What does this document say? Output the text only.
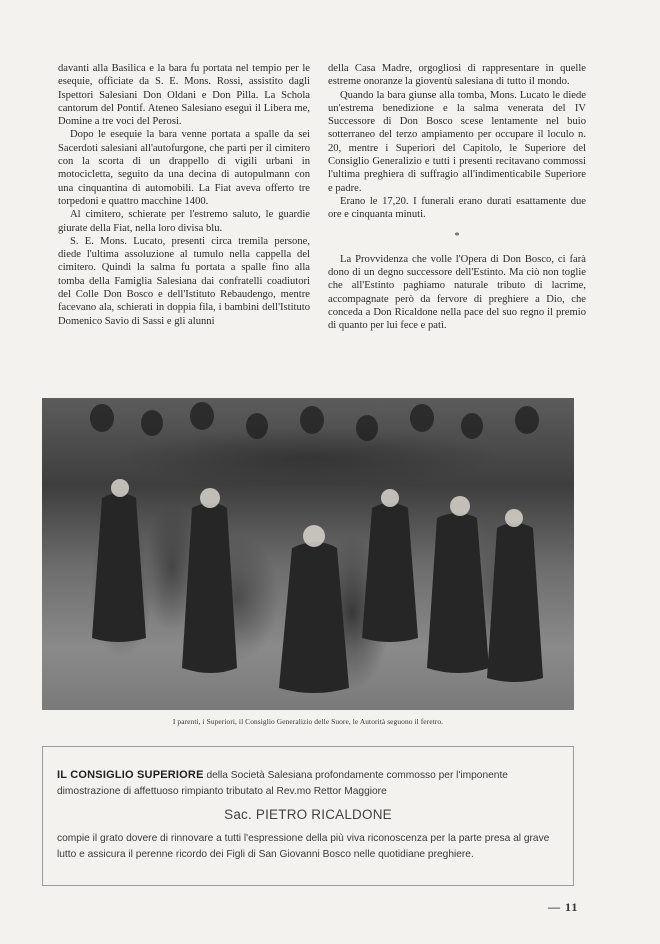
davanti alla Basilica e la bara fu portata nel tempio per le esequie, officiate da S. E. Mons. Rossi, assistito dagli Ispettori Salesiani Don Oldani e Don Pilla. La Schola cantorum del Pontif. Ateneo Salesiano eseguì il Libera me, Domine a tre voci del Perosi.

Dopo le esequie la bara venne portata a spalle da sei Sacerdoti salesiani all'autofurgone, che partì per il cimitero con la scorta di un drappello di vigili urbani in motocicletta, seguito da una decina di autopulmann con una cinquantina di automobili. La Fiat aveva offerto tre torpedoni e quattro macchine 1400.

Al cimitero, schierate per l'estremo saluto, le guardie giurate della Fiat, nella loro divisa blu.

S. E. Mons. Lucato, presenti circa tremila persone, diede l'ultima assoluzione al tumulo nella cappella del cimitero. Quindi la salma fu portata a spalle fino alla tomba della Famiglia Salesiana dai confratelli coadiutori del Colle Don Bosco e dell'Istituto Rebaudengo, mentre facevano ala, schierati in doppia fila, i bambini dell'Istituto Domenico Savio di Sassi e gli alunni

della Casa Madre, orgogliosi di rappresentare in quelle estreme onoranze la gioventù salesiana di tutto il mondo.

Quando la bara giunse alla tomba, Mons. Lucato le diede un'estrema benedizione e la salma venerata del IV Successore di Don Bosco scese lentamente nel buio sotterraneo del terzo ampiamento per occupare il loculo n. 20, mentre i Superiori del Capitolo, le Superiore del Consiglio Generalizio e tutti i presenti recitavano commossi l'ultima preghiera di suffragio all'indimenticabile Superiore e padre.

Erano le 17,20. I funerali erano durati esattamente due ore e cinquanta minuti.

*

La Provvidenza che volle l'Opera di Don Bosco, ci farà dono di un degno successore dell'Estinto. Ma ciò non toglie che all'Estinto paghiamo naturale tributo di lacrime, accompagnate però da fervore di preghiere a Dio, che conceda a Don Ricaldone nella pace del suo regno il premio di quanto per lui fece e patì.

I parenti, i Superiori, il Consiglio Generalizio delle Suore, le Autorità seguono il feretro.
IL CONSIGLIO SUPERIORE della Società Salesiana profondamente commosso per l'imponente dimostrazione di affettuoso rimpianto tributato al Rev.mo Rettor Maggiore
Sac. PIETRO RICALDONE
compie il grato dovere di rinnovare a tutti l'espressione della più viva riconoscenza per la parte presa al grave lutto e assicura il perenne ricordo dei Figli di San Giovanni Bosco nelle quotidiane preghiere.
— 11
